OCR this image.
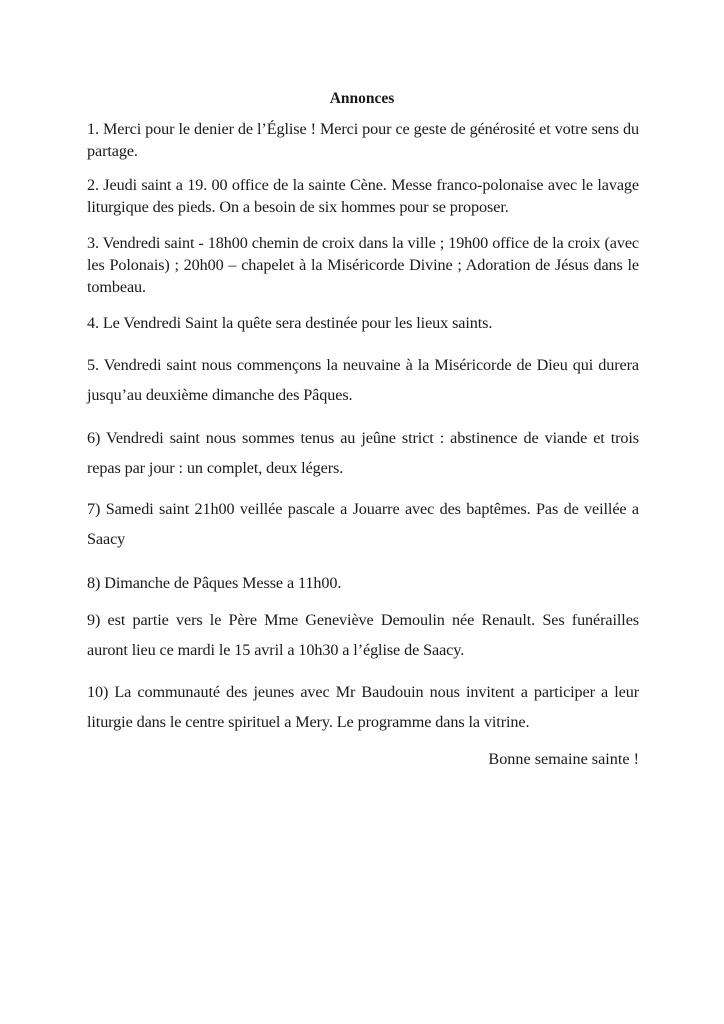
Annonces

1. Merci pour le denier de l’Église ! Merci pour ce geste de générosité et votre sens du partage.

2. Jeudi saint a 19. 00 office de la sainte Cène. Messe franco-polonaise avec le lavage liturgique des pieds. On a besoin de six hommes pour se proposer.

3. Vendredi saint - 18h00 chemin de croix dans la ville ; 19h00 office de la croix (avec les Polonais) ; 20h00 – chapelet à la Miséricorde Divine ; Adoration de Jésus dans le tombeau.

4. Le Vendredi Saint la quête sera destinée pour les lieux saints.

5. Vendredi saint nous commençons la neuvaine à la Miséricorde de Dieu qui durera jusqu’au deuxième dimanche des Pâques.

6) Vendredi saint nous sommes tenus au jeûne strict : abstinence de viande et trois repas par jour : un complet, deux légers.

7) Samedi saint 21h00 veillée pascale a Jouarre avec des baptêmes. Pas de veillée a Saacy

8) Dimanche de Pâques Messe a 11h00.

9) est partie vers le Père Mme Geneviève Demoulin née Renault. Ses funérailles auront lieu ce mardi le 15 avril a 10h30 a l’église de Saacy.

10) La communauté des jeunes avec Mr Baudouin nous invitent a participer a leur liturgie dans le centre spirituel a Mery. Le programme dans la vitrine.

Bonne semaine sainte !
